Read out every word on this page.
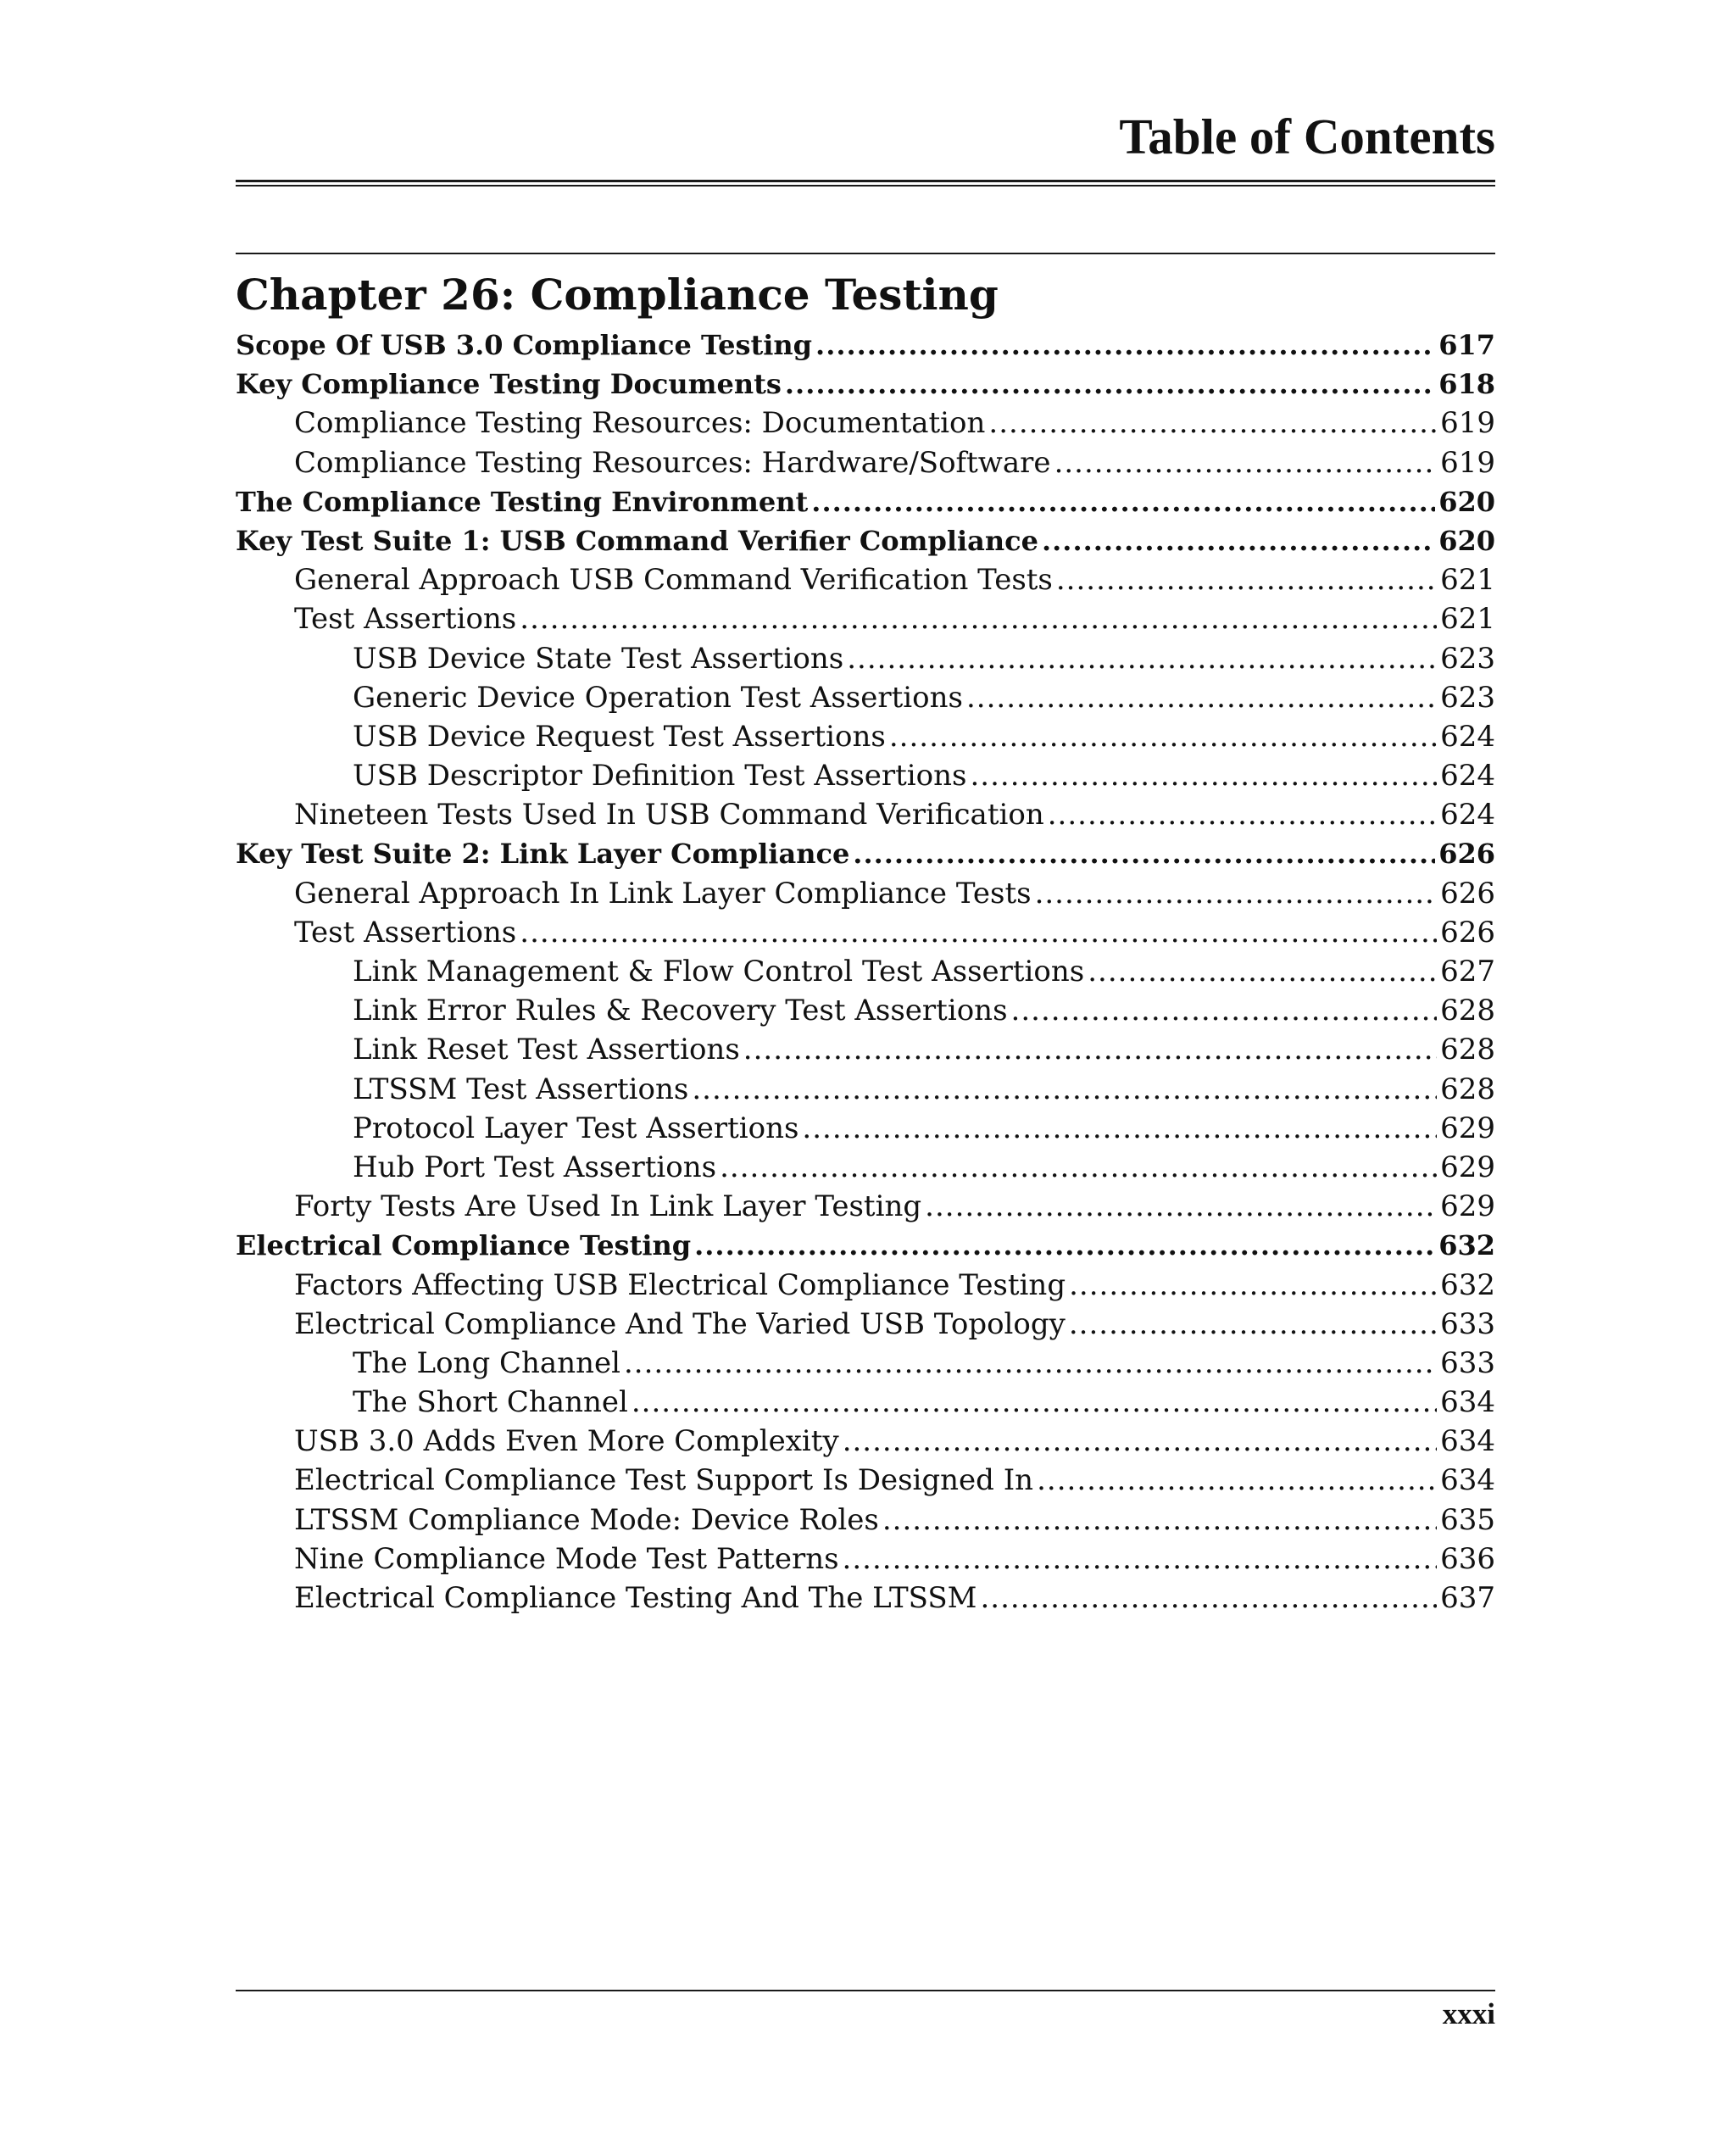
Table of Contents
Chapter 26: Compliance Testing
Scope Of USB 3.0 Compliance Testing .....	617
Key Compliance Testing Documents .....	618
Compliance Testing Resources: Documentation .....	619
Compliance Testing Resources: Hardware/Software .....	619
The Compliance Testing Environment .....	620
Key Test Suite 1: USB Command Verifier Compliance .....	620
General Approach USB Command Verification Tests .....	621
Test Assertions .....	621
USB Device State Test Assertions .....	623
Generic Device Operation Test Assertions .....	623
USB Device Request Test Assertions .....	624
USB Descriptor Definition Test Assertions .....	624
Nineteen Tests Used In USB Command Verification .....	624
Key Test Suite 2: Link Layer Compliance .....	626
General Approach In Link Layer Compliance Tests .....	626
Test Assertions .....	626
Link Management & Flow Control Test Assertions .....	627
Link Error Rules & Recovery Test Assertions .....	628
Link Reset Test Assertions .....	628
LTSSM Test Assertions .....	628
Protocol Layer Test Assertions .....	629
Hub Port Test Assertions .....	629
Forty Tests Are Used In Link Layer Testing .....	629
Electrical Compliance Testing .....	632
Factors Affecting USB Electrical Compliance Testing .....	632
Electrical Compliance And The Varied USB Topology .....	633
The Long Channel .....	633
The Short Channel .....	634
USB 3.0 Adds Even More Complexity .....	634
Electrical Compliance Test Support Is Designed In .....	634
LTSSM Compliance Mode: Device Roles .....	635
Nine Compliance Mode Test Patterns .....	636
Electrical Compliance Testing And The LTSSM .....	637
xxxi
